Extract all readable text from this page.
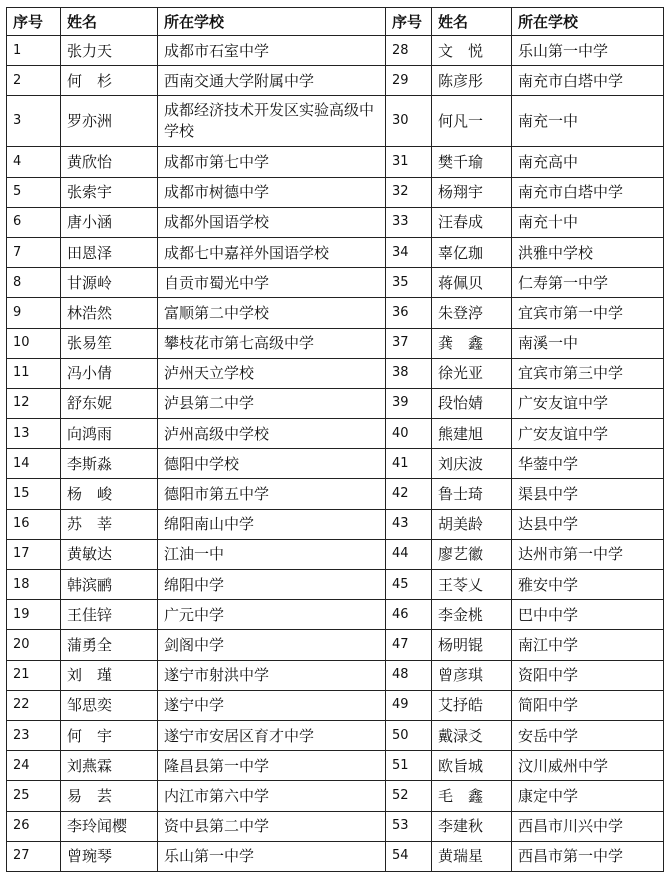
序号	姓名	所在学校	序号	姓名	所在学校
1	张力天	成都市石室中学	28	文　悦	乐山第一中学
2	何　杉	西南交通大学附属中学	29	陈彦彤	南充市白塔中学
3	罗亦洲	成都经济技术开发区实验高级中学校	30	何凡一	南充一中
4	黄欣怡	成都市第七中学	31	樊千瑜	南充高中
5	张索宇	成都市树德中学	32	杨翔宇	南充市白塔中学
6	唐小涵	成都外国语学校	33	汪春成	南充十中
7	田恩泽	成都七中嘉祥外国语学校	34	辜亿珈	洪雅中学校
8	甘源岭	自贡市蜀光中学	35	蒋佩贝	仁寿第一中学
9	林浩然	富顺第二中学校	36	朱登渟	宜宾市第一中学
10	张易笙	攀枝花市第七高级中学	37	龚　鑫	南溪一中
11	冯小倩	泸州天立学校	38	徐光亚	宜宾市第三中学
12	舒东妮	泸县第二中学	39	段怡婧	广安友谊中学
13	向鸿雨	泸州高级中学校	40	熊建旭	广安友谊中学
14	李斯淼	德阳中学校	41	刘庆波	华蓥中学
15	杨　峻	德阳市第五中学	42	鲁士琦	渠县中学
16	苏　莘	绵阳南山中学	43	胡美龄	达县中学
17	黄敏达	江油一中	44	廖艺徽	达州市第一中学
18	韩滨鹂	绵阳中学	45	王苓乂	雅安中学
19	王佳锌	广元中学	46	李金桃	巴中中学
20	蒲勇全	剑阁中学	47	杨明锟	南江中学
21	刘　瑾	遂宁市射洪中学	48	曾彦琪	资阳中学
22	邹思奕	遂宁中学	49	艾抒皓	简阳中学
23	何　宇	遂宁市安居区育才中学	50	戴渌爻	安岳中学
24	刘燕霖	隆昌县第一中学	51	欧旨城	汶川威州中学
25	易　芸	内江市第六中学	52	毛　鑫	康定中学
26	李玲闻樱	资中县第二中学	53	李建秋	西昌市川兴中学
27	曾琬琴	乐山第一中学	54	黄瑞星	西昌市第一中学
